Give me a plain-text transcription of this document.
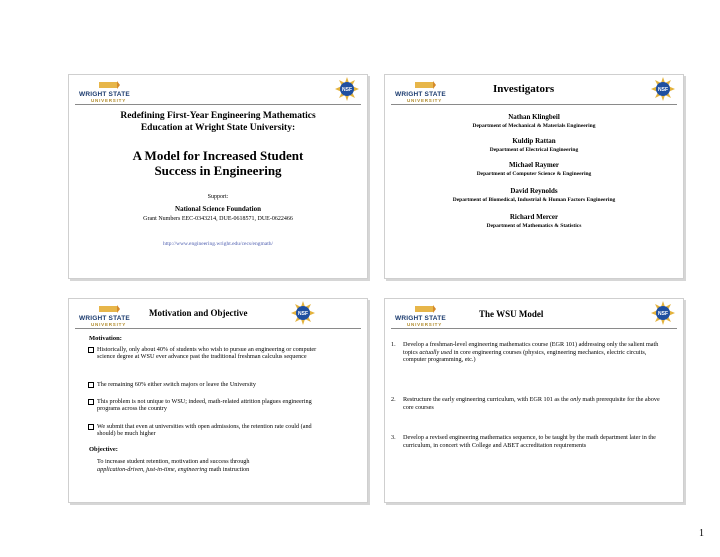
WRIGHT STATE
UNIVERSITY
NSF
Redefining First-Year Engineering Mathematics
Education at Wright State University:
A Model for Increased Student
Success in Engineering
Support:
National Science Foundation
Grant Numbers EEC-0343214, DUE-0618571, DUE-0622466
http://www.engineering.wright.edu/cecs/engmath/
WRIGHT STATE
UNIVERSITY
NSF
Investigators
Nathan Klingbeil
Department of Mechanical & Materials Engineering
Kuldip Rattan
Department of Electrical Engineering
Michael Raymer
Department of Computer Science & Engineering
David Reynolds
Department of Biomedical, Industrial & Human Factors Engineering
Richard Mercer
Department of Mathematics & Statistics
WRIGHT STATE
UNIVERSITY
NSF
Motivation and Objective
Motivation:
Historically, only about 40% of students who wish to pursue an engineering or computer science degree at WSU ever advance past the traditional freshman calculus sequence
The remaining 60% either switch majors or leave the University
This problem is not unique to WSU; indeed, math-related attrition plagues engineering programs across the country
We submit that even at universities with open admissions, the retention rate could (and should) be much higher
Objective:
To increase student retention, motivation and success through
application-driven, just-in-time, engineering math instruction
WRIGHT STATE
UNIVERSITY
NSF
The WSU Model
1. Develop a freshman-level engineering mathematics course (EGR 101) addressing only the salient math topics actually used in core engineering courses (physics, engineering mechanics, electric circuits, computer programming, etc.)
2. Restructure the early engineering curriculum, with EGR 101 as the only math prerequisite for the above core courses
3. Develop a revised engineering mathematics sequence, to be taught by the math department later in the curriculum, in concert with College and ABET accreditation requirements
1
